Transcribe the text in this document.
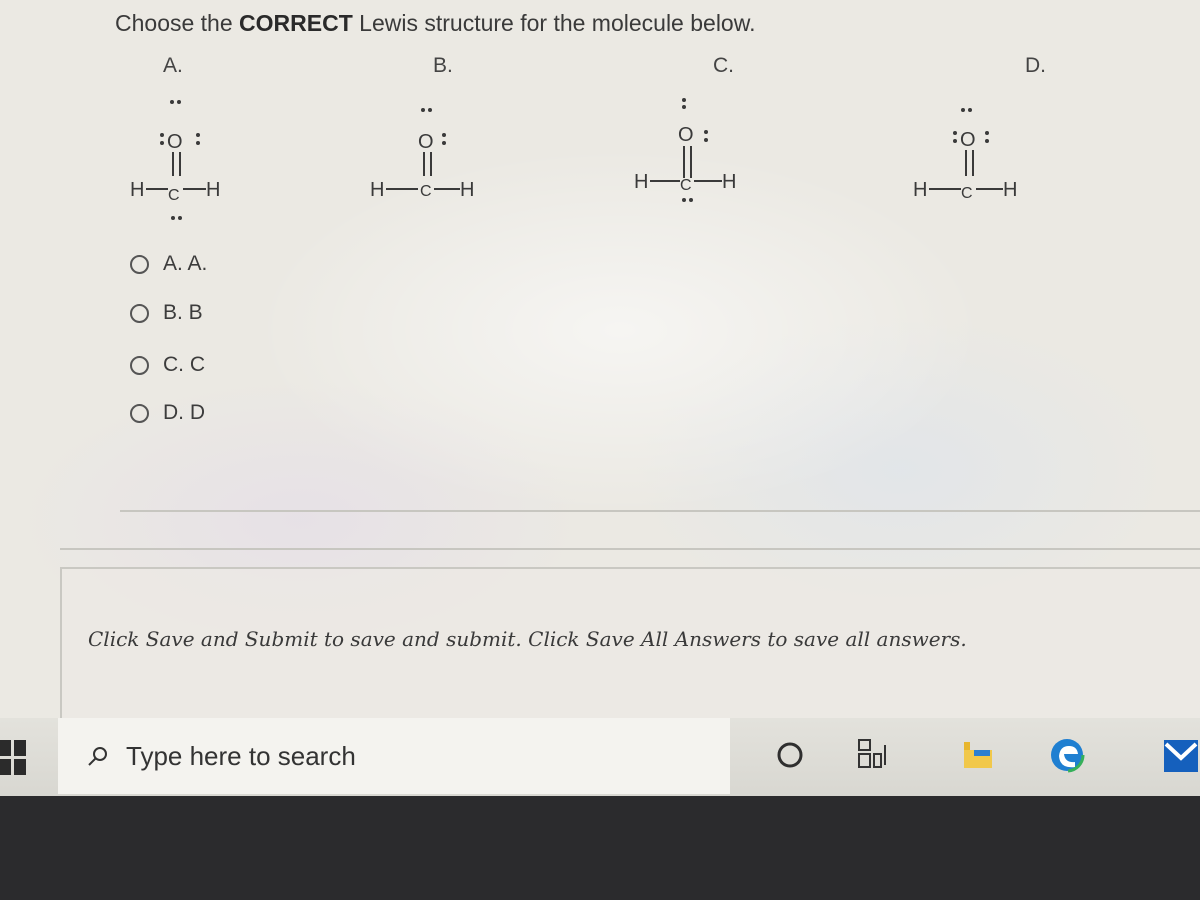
Choose the CORRECT Lewis structure for the molecule below.
A.	B.	C.	D.
O
H C H
O
H C H
O
H C H
O
H C H
A. A.
B. B
C. C
D. D
Click Save and Submit to save and submit. Click Save All Answers to save all answers.
Type here to search
